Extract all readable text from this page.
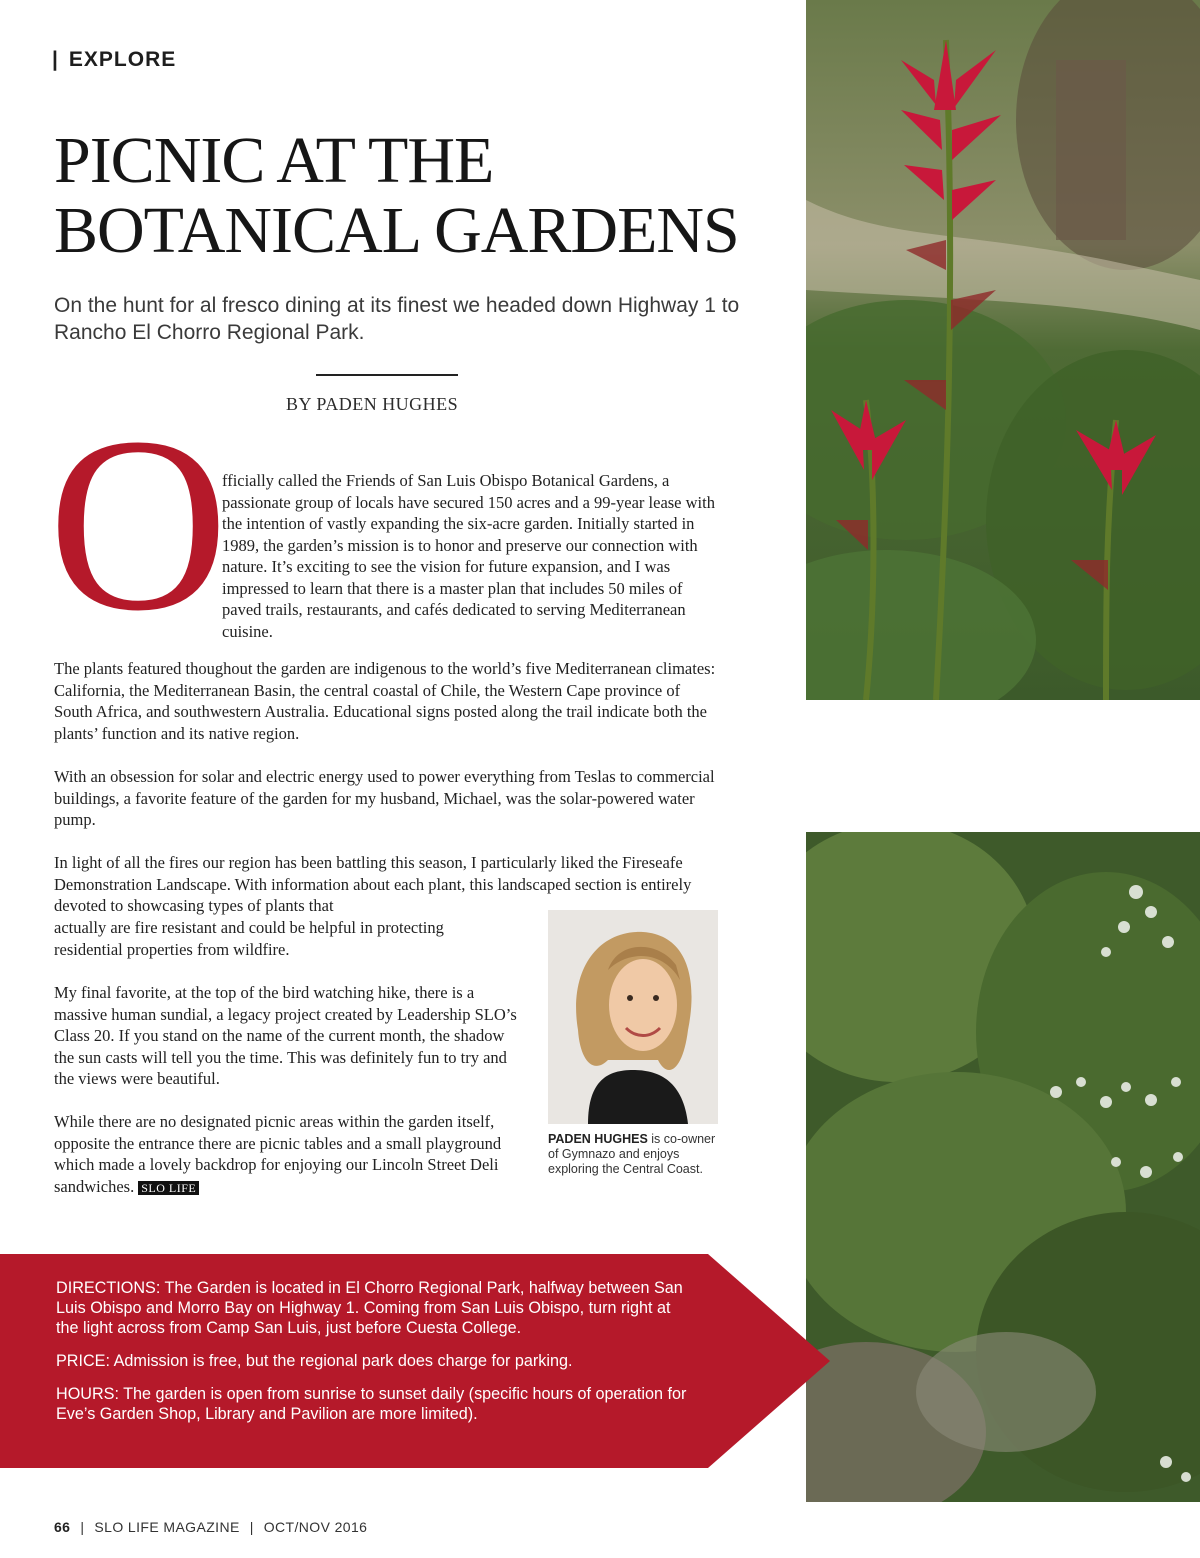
| EXPLORE
PICNIC AT THE
BOTANICAL GARDENS
On the hunt for al fresco dining at its finest we headed down Highway 1 to Rancho El Chorro Regional Park.
BY PADEN HUGHES
O
fficially called the Friends of San Luis Obispo Botanical Gardens, a passionate group of locals have secured 150 acres and a 99-year lease with the intention of vastly expanding the six-acre garden. Initially started in 1989, the garden’s mission is to honor and preserve our connection with nature. It’s exciting to see the vision for future expansion, and I was impressed to learn that there is a master plan that includes 50 miles of paved trails, restaurants, and cafés dedicated to serving Mediterranean cuisine.
The plants featured thoughout the garden are indigenous to the world’s five Mediterranean climates: California, the Mediterranean Basin, the central coastal of Chile, the Western Cape province of South Africa, and southwestern Australia. Educational signs posted along the trail indicate both the plants’ function and its native region.
With an obsession for solar and electric energy used to power everything from Teslas to commercial buildings, a favorite feature of the garden for my husband, Michael, was the solar-powered water pump.
In light of all the fires our region has been battling this season, I particularly liked the Fireseafe Demonstration Landscape. With information about each plant, this landscaped section is entirely devoted to showcasing types of plants that
actually are fire resistant and could be helpful in protecting residential properties from wildfire.
My final favorite, at the top of the bird watching hike, there is a massive human sundial, a legacy project created by Leadership SLO’s Class 20. If you stand on the name of the current month, the shadow the sun casts will tell you the time. This was definitely fun to try and the views were beautiful.
While there are no designated picnic areas within the garden itself, opposite the entrance there are picnic tables and a small playground which made a lovely backdrop for enjoying our Lincoln Street Deli sandwiches. SLO LIFE
PADEN HUGHES is co-owner of Gymnazo and enjoys exploring the Central Coast.

DIRECTIONS: The Garden is located in El Chorro Regional Park, halfway between San Luis Obispo and Morro Bay on Highway 1. Coming from San Luis Obispo, turn right at the light across from Camp San Luis, just before Cuesta College.

PRICE: Admission is free, but the regional park does charge for parking.

HOURS: The garden is open from sunrise to sunset daily (specific hours of operation for Eve’s Garden Shop, Library and Pavilion are more limited).

66 | SLO LIFE MAGAZINE | OCT/NOV 2016
